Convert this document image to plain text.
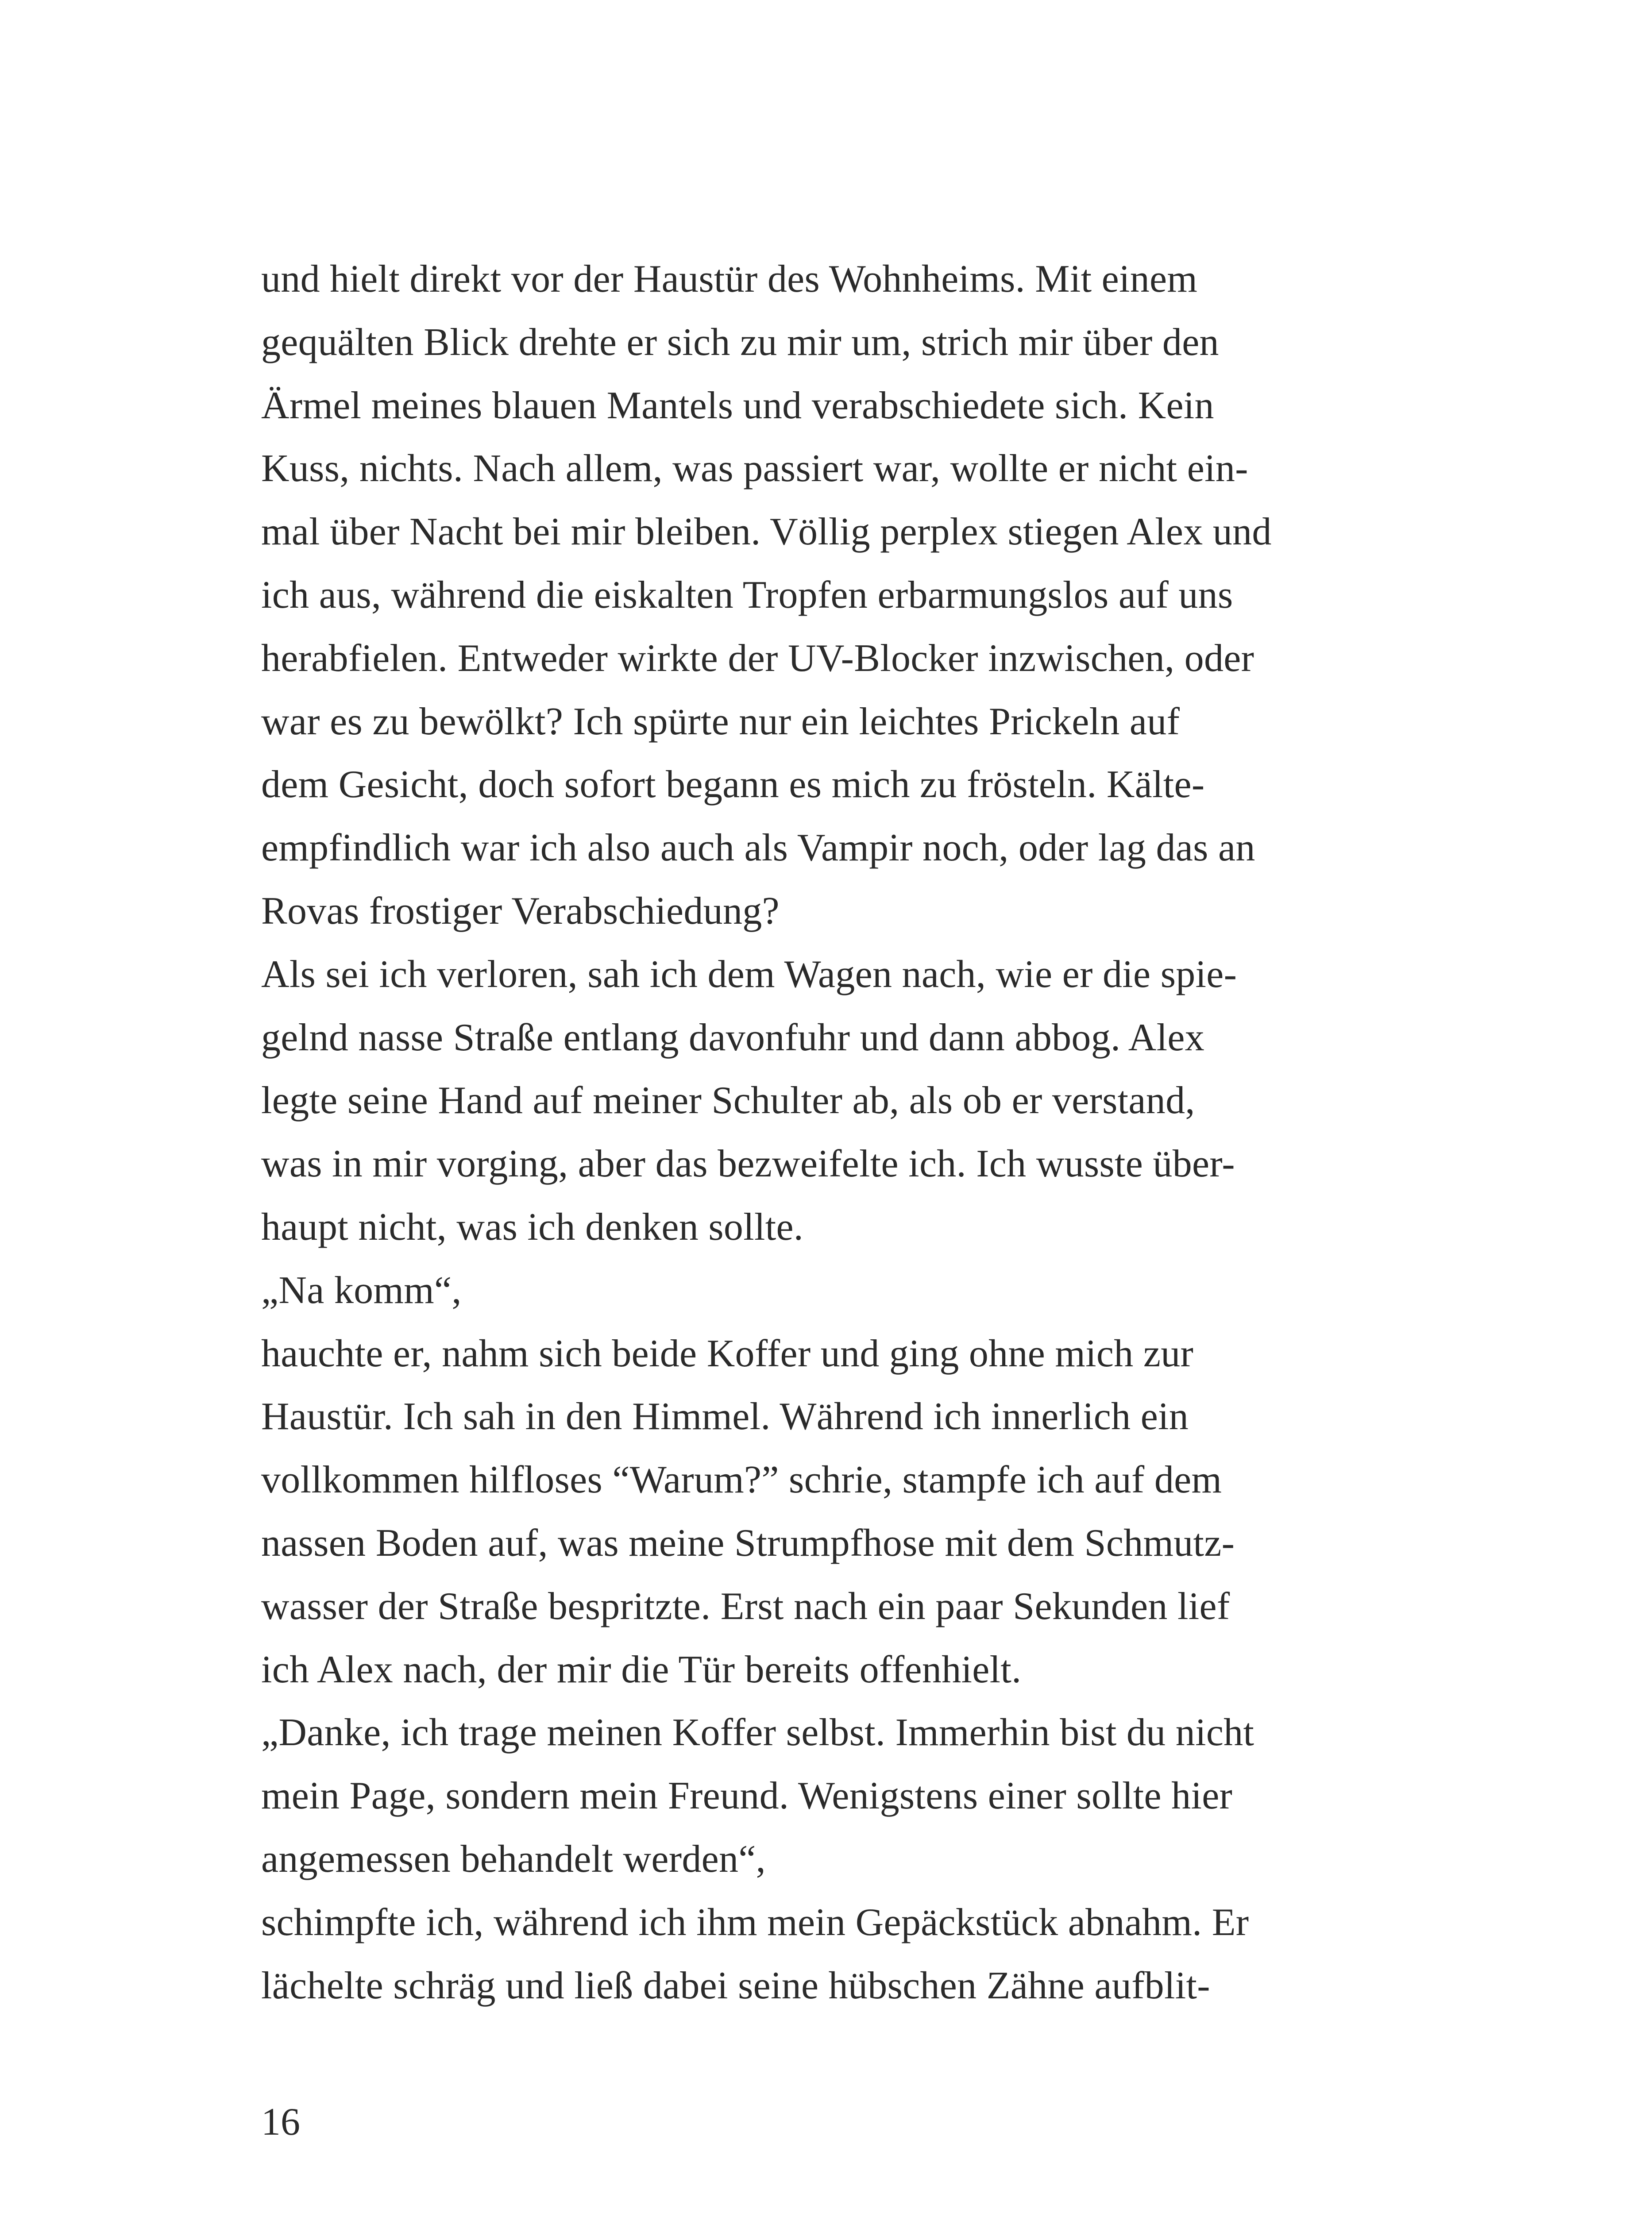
und hielt direkt vor der Haustür des Wohnheims. Mit einem
gequälten Blick drehte er sich zu mir um, strich mir über den
Ärmel meines blauen Mantels und verabschiedete sich. Kein
Kuss, nichts. Nach allem, was passiert war, wollte er nicht ein-
mal über Nacht bei mir bleiben. Völlig perplex stiegen Alex und
ich aus, während die eiskalten Tropfen erbarmungslos auf uns
herabfielen. Entweder wirkte der UV-Blocker inzwischen, oder
war es zu bewölkt? Ich spürte nur ein leichtes Prickeln auf
dem Gesicht, doch sofort begann es mich zu frösteln. Kälte-
empfindlich war ich also auch als Vampir noch, oder lag das an
Rovas frostiger Verabschiedung?
Als sei ich verloren, sah ich dem Wagen nach, wie er die spie-
gelnd nasse Straße entlang davonfuhr und dann abbog. Alex
legte seine Hand auf meiner Schulter ab, als ob er verstand,
was in mir vorging, aber das bezweifelte ich. Ich wusste über-
haupt nicht, was ich denken sollte.
„Na komm“,
hauchte er, nahm sich beide Koffer und ging ohne mich zur
Haustür. Ich sah in den Himmel. Während ich innerlich ein
vollkommen hilfloses “Warum?” schrie, stampfe ich auf dem
nassen Boden auf, was meine Strumpfhose mit dem Schmutz-
wasser der Straße bespritzte. Erst nach ein paar Sekunden lief
ich Alex nach, der mir die Tür bereits offenhielt.
„Danke, ich trage meinen Koffer selbst. Immerhin bist du nicht
mein Page, sondern mein Freund. Wenigstens einer sollte hier
angemessen behandelt werden“,
schimpfte ich, während ich ihm mein Gepäckstück abnahm. Er
lächelte schräg und ließ dabei seine hübschen Zähne aufblit-
16
